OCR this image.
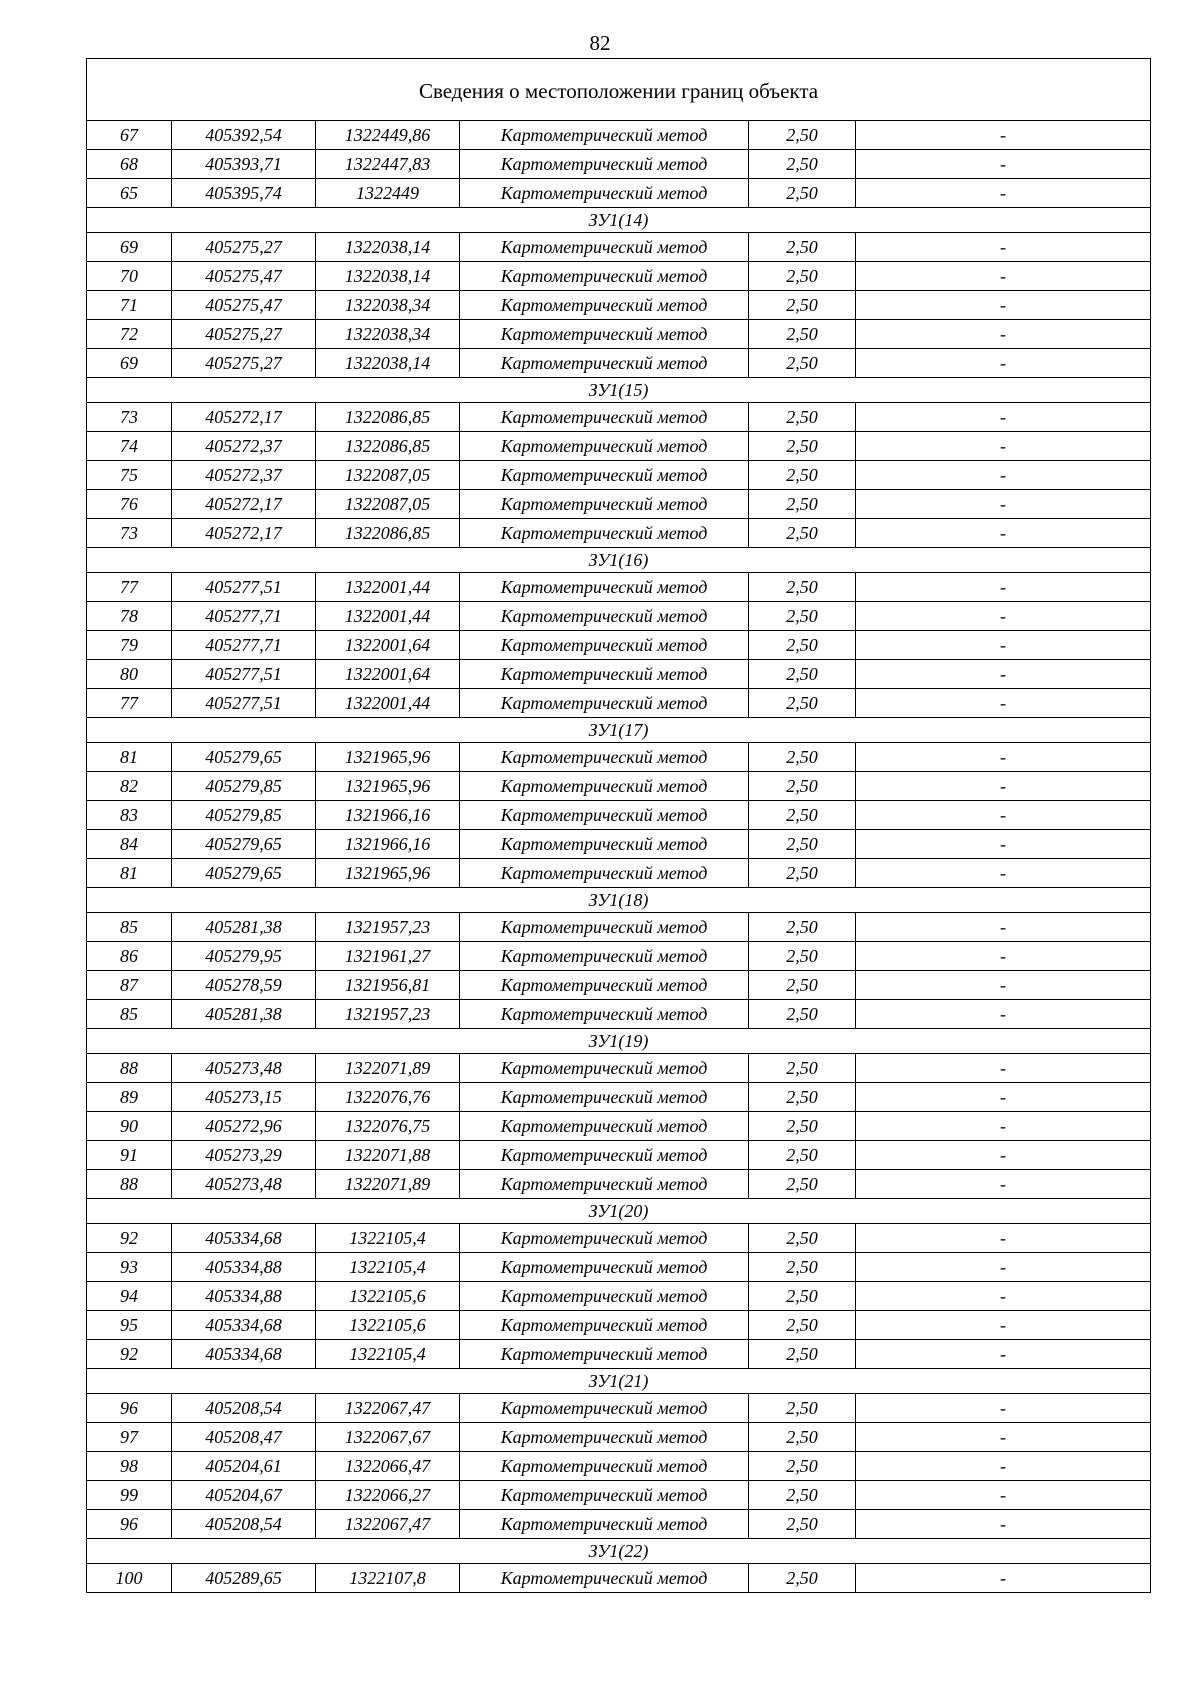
82
Сведения о местоположении границ объекта					
67	405392,54	1322449,86	Картометрический метод	2,50	-
68	405393,71	1322447,83	Картометрический метод	2,50	-
65	405395,74	1322449	Картометрический метод	2,50	-
ЗУ1(14)					
69	405275,27	1322038,14	Картометрический метод	2,50	-
70	405275,47	1322038,14	Картометрический метод	2,50	-
71	405275,47	1322038,34	Картометрический метод	2,50	-
72	405275,27	1322038,34	Картометрический метод	2,50	-
69	405275,27	1322038,14	Картометрический метод	2,50	-
ЗУ1(15)					
73	405272,17	1322086,85	Картометрический метод	2,50	-
74	405272,37	1322086,85	Картометрический метод	2,50	-
75	405272,37	1322087,05	Картометрический метод	2,50	-
76	405272,17	1322087,05	Картометрический метод	2,50	-
73	405272,17	1322086,85	Картометрический метод	2,50	-
ЗУ1(16)					
77	405277,51	1322001,44	Картометрический метод	2,50	-
78	405277,71	1322001,44	Картометрический метод	2,50	-
79	405277,71	1322001,64	Картометрический метод	2,50	-
80	405277,51	1322001,64	Картометрический метод	2,50	-
77	405277,51	1322001,44	Картометрический метод	2,50	-
ЗУ1(17)					
81	405279,65	1321965,96	Картометрический метод	2,50	-
82	405279,85	1321965,96	Картометрический метод	2,50	-
83	405279,85	1321966,16	Картометрический метод	2,50	-
84	405279,65	1321966,16	Картометрический метод	2,50	-
81	405279,65	1321965,96	Картометрический метод	2,50	-
ЗУ1(18)					
85	405281,38	1321957,23	Картометрический метод	2,50	-
86	405279,95	1321961,27	Картометрический метод	2,50	-
87	405278,59	1321956,81	Картометрический метод	2,50	-
85	405281,38	1321957,23	Картометрический метод	2,50	-
ЗУ1(19)					
88	405273,48	1322071,89	Картометрический метод	2,50	-
89	405273,15	1322076,76	Картометрический метод	2,50	-
90	405272,96	1322076,75	Картометрический метод	2,50	-
91	405273,29	1322071,88	Картометрический метод	2,50	-
88	405273,48	1322071,89	Картометрический метод	2,50	-
ЗУ1(20)					
92	405334,68	1322105,4	Картометрический метод	2,50	-
93	405334,88	1322105,4	Картометрический метод	2,50	-
94	405334,88	1322105,6	Картометрический метод	2,50	-
95	405334,68	1322105,6	Картометрический метод	2,50	-
92	405334,68	1322105,4	Картометрический метод	2,50	-
ЗУ1(21)					
96	405208,54	1322067,47	Картометрический метод	2,50	-
97	405208,47	1322067,67	Картометрический метод	2,50	-
98	405204,61	1322066,47	Картометрический метод	2,50	-
99	405204,67	1322066,27	Картометрический метод	2,50	-
96	405208,54	1322067,47	Картометрический метод	2,50	-
ЗУ1(22)					
100	405289,65	1322107,8	Картометрический метод	2,50	-
